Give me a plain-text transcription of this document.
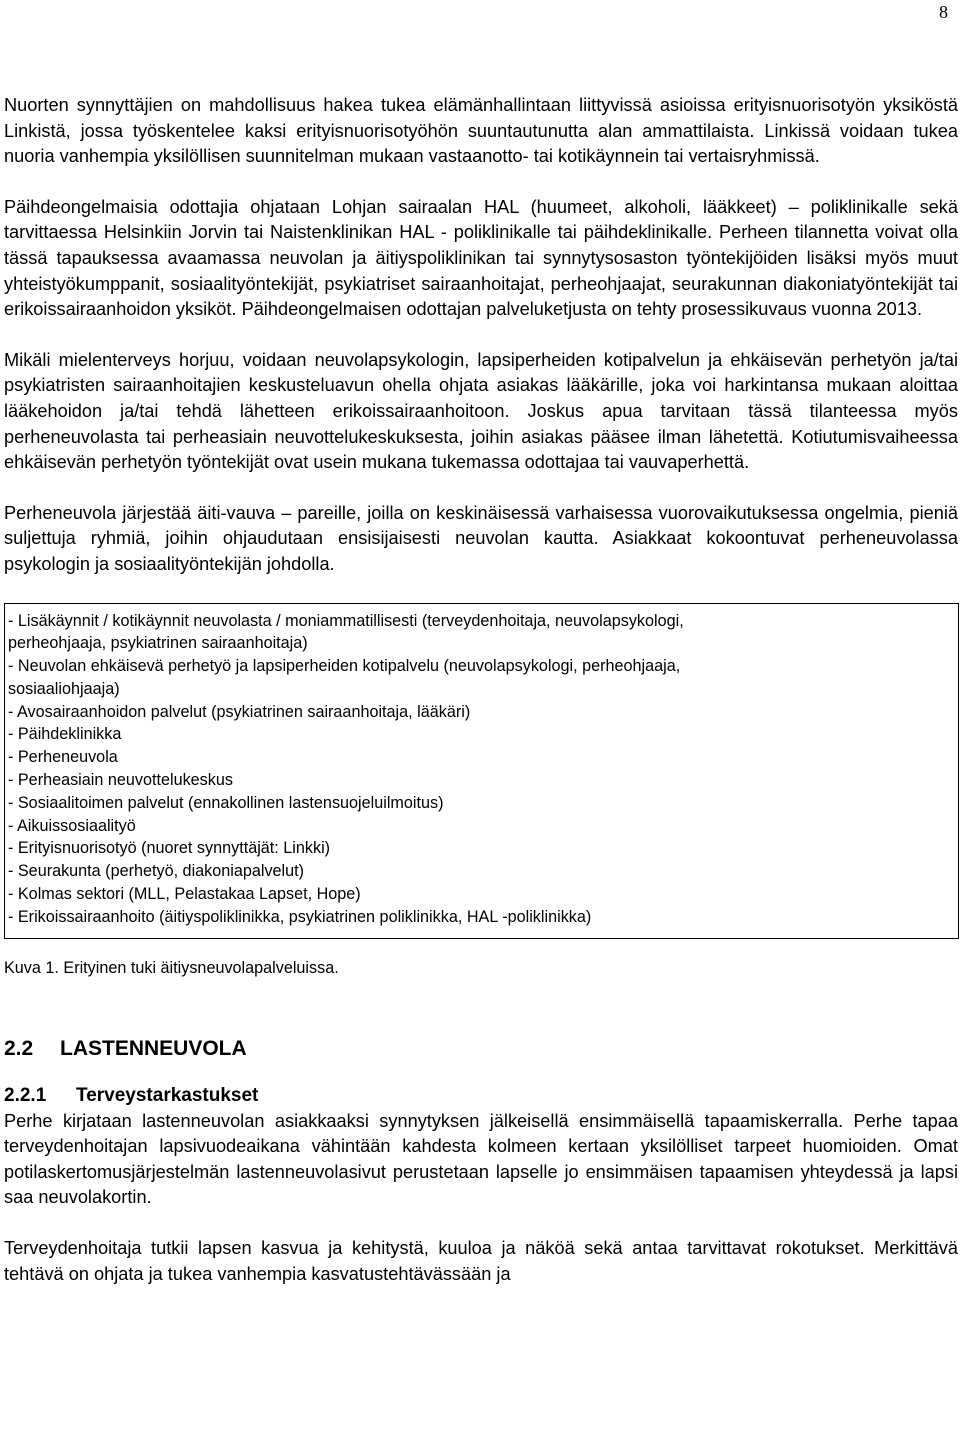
8

Nuorten synnyttäjien on mahdollisuus hakea tukea elämänhallintaan liittyvissä asioissa erityisnuorisotyön yksiköstä Linkistä, jossa työskentelee kaksi erityisnuorisotyöhön suuntautunutta alan ammattilaista. Linkissä voidaan tukea nuoria vanhempia yksilöllisen suunnitelman mukaan vastaanotto- tai kotikäynnein tai vertaisryhmissä.

Päihdeongelmaisia odottajia ohjataan Lohjan sairaalan HAL (huumeet, alkoholi, lääkkeet) – poliklinikalle sekä tarvittaessa Helsinkiin Jorvin tai Naistenklinikan HAL - poliklinikalle tai päihdeklinikalle. Perheen tilannetta voivat olla tässä tapauksessa avaamassa neuvolan ja äitiyspoliklinikan tai synnytysosaston työntekijöiden lisäksi myös muut yhteistyökumppanit, sosiaalityöntekijät, psykiatriset sairaanhoitajat, perheohjaajat, seurakunnan diakoniatyöntekijät tai erikoissairaanhoidon yksiköt. Päihdeongelmaisen odottajan palveluketjusta on tehty prosessikuvaus vuonna 2013.

Mikäli mielenterveys horjuu, voidaan neuvolapsykologin, lapsiperheiden kotipalvelun ja ehkäisevän perhetyön ja/tai psykiatristen sairaanhoitajien keskusteluavun ohella ohjata asiakas lääkärille, joka voi harkintansa mukaan aloittaa lääkehoidon ja/tai tehdä lähetteen erikoissairaanhoitoon. Joskus apua tarvitaan tässä tilanteessa myös perheneuvolasta tai perheasiain neuvottelukeskuksesta, joihin asiakas pääsee ilman lähetettä. Kotiutumisvaiheessa ehkäisevän perhetyön työntekijät ovat usein mukana tukemassa odottajaa tai vauvaperhettä.

Perheneuvola järjestää äiti-vauva – pareille, joilla on keskinäisessä varhaisessa vuorovaikutuksessa ongelmia, pieniä suljettuja ryhmiä, joihin ohjaudutaan ensisijaisesti neuvolan kautta. Asiakkaat kokoontuvat perheneuvolassa psykologin ja sosiaalityöntekijän johdolla.

- Lisäkäynnit / kotikäynnit neuvolasta / moniammatillisesti (terveydenhoitaja, neuvolapsykologi,
perheohjaaja, psykiatrinen sairaanhoitaja)
- Neuvolan ehkäisevä perhetyö ja lapsiperheiden kotipalvelu (neuvolapsykologi, perheohjaaja,
sosiaaliohjaaja)
- Avosairaanhoidon palvelut (psykiatrinen sairaanhoitaja, lääkäri)
- Päihdeklinikka
- Perheneuvola
- Perheasiain neuvottelukeskus
- Sosiaalitoimen palvelut (ennakollinen lastensuojeluilmoitus)
- Aikuissosiaalityö
- Erityisnuorisotyö (nuoret synnyttäjät: Linkki)
- Seurakunta (perhetyö, diakoniapalvelut)
- Kolmas sektori (MLL, Pelastakaa Lapset, Hope)
- Erikoissairaanhoito (äitiyspoliklinikka, psykiatrinen poliklinikka, HAL -poliklinikka)
Kuva 1. Erityinen tuki äitiysneuvolapalveluissa.
2.2 LASTENNEUVOLA
2.2.1 Terveystarkastukset

Perhe kirjataan lastenneuvolan asiakkaaksi synnytyksen jälkeisellä ensimmäisellä tapaamiskerralla. Perhe tapaa terveydenhoitajan lapsivuodeaikana vähintään kahdesta kolmeen kertaan yksilölliset tarpeet huomioiden. Omat potilaskertomusjärjestelmän lastenneuvolasivut perustetaan lapselle jo ensimmäisen tapaamisen yhteydessä ja lapsi saa neuvolakortin.

Terveydenhoitaja tutkii lapsen kasvua ja kehitystä, kuuloa ja näköä sekä antaa tarvittavat rokotukset. Merkittävä tehtävä on ohjata ja tukea vanhempia kasvatustehtävässään ja
